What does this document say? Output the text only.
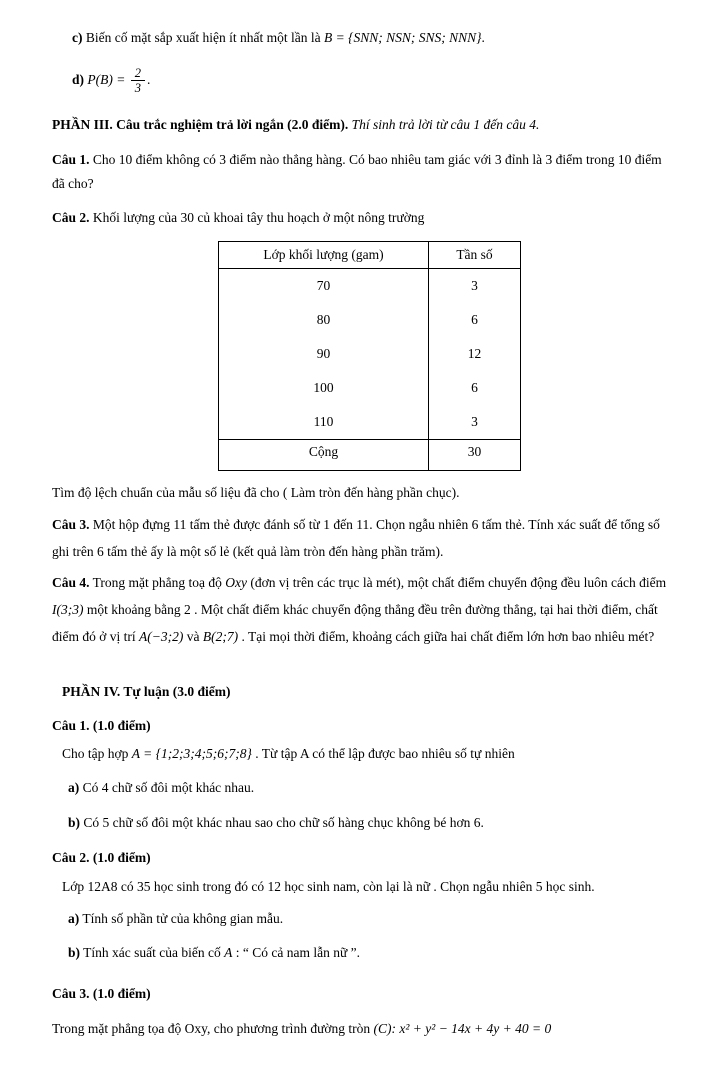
c) Biến cố mặt sắp xuất hiện ít nhất một lần là B = {SNN; NSN; SNS; NNN}.
d) $P(B) = \frac{2}{3}$ .

PHẦN III. Câu trắc nghiệm trả lời ngắn (2.0 điểm). Thí sinh trả lời từ câu 1 đến câu 4.

Câu 1. Cho 10 điểm không có 3 điểm nào thẳng hàng. Có bao nhiêu tam giác với 3 đỉnh là 3 điểm trong 10 điểm đã cho?

Câu 2. Khối lượng của 30 củ khoai tây thu hoạch ở một nông trường

Lớp khối lượng (gam)	Tần số
70	3
80	6
90	12
100	6
110	3
Cộng	30

Tìm độ lệch chuẩn của mẫu số liệu đã cho ( Làm tròn đến hàng phần chục).

Câu 3. Một hộp đựng 11 tấm thẻ được đánh số từ 1 đến 11. Chọn ngẫu nhiên 6 tấm thẻ. Tính xác suất để tổng số ghi trên 6 tấm thẻ ấy là một số lẻ (kết quả làm tròn đến hàng phần trăm).

Câu 4. Trong mặt phẳng toạ độ Oxy (đơn vị trên các trục là mét), một chất điểm chuyển động đều luôn cách điểm I(3;3) một khoảng bằng 2 . Một chất điểm khác chuyển động thẳng đều trên đường thẳng, tại hai thời điểm, chất điểm đó ở vị trí A(−3;2) và B(2;7) . Tại mọi thời điểm, khoảng cách giữa hai chất điểm lớn hơn bao nhiêu mét?

PHẦN IV. Tự luận (3.0 điểm)

Câu 1. (1.0 điểm)

Cho tập hợp A = {1;2;3;4;5;6;7;8} . Từ tập A có thể lập được bao nhiêu số tự nhiên

a) Có 4 chữ số đôi một khác nhau.

b) Có 5 chữ số đôi một khác nhau sao cho chữ số hàng chục không bé hơn 6.

Câu 2. (1.0 điểm)

Lớp 12A8 có 35 học sinh trong đó có 12 học sinh nam, còn lại là nữ . Chọn ngẫu nhiên 5 học sinh.

a) Tính số phần tử của không gian mẫu.

b) Tính xác suất của biến cố A : “ Có cả nam lẫn nữ ”.

Câu 3. (1.0 điểm)

Trong mặt phẳng tọa độ Oxy, cho phương trình đường tròn (C): x² + y² − 14x + 4y + 40 = 0
